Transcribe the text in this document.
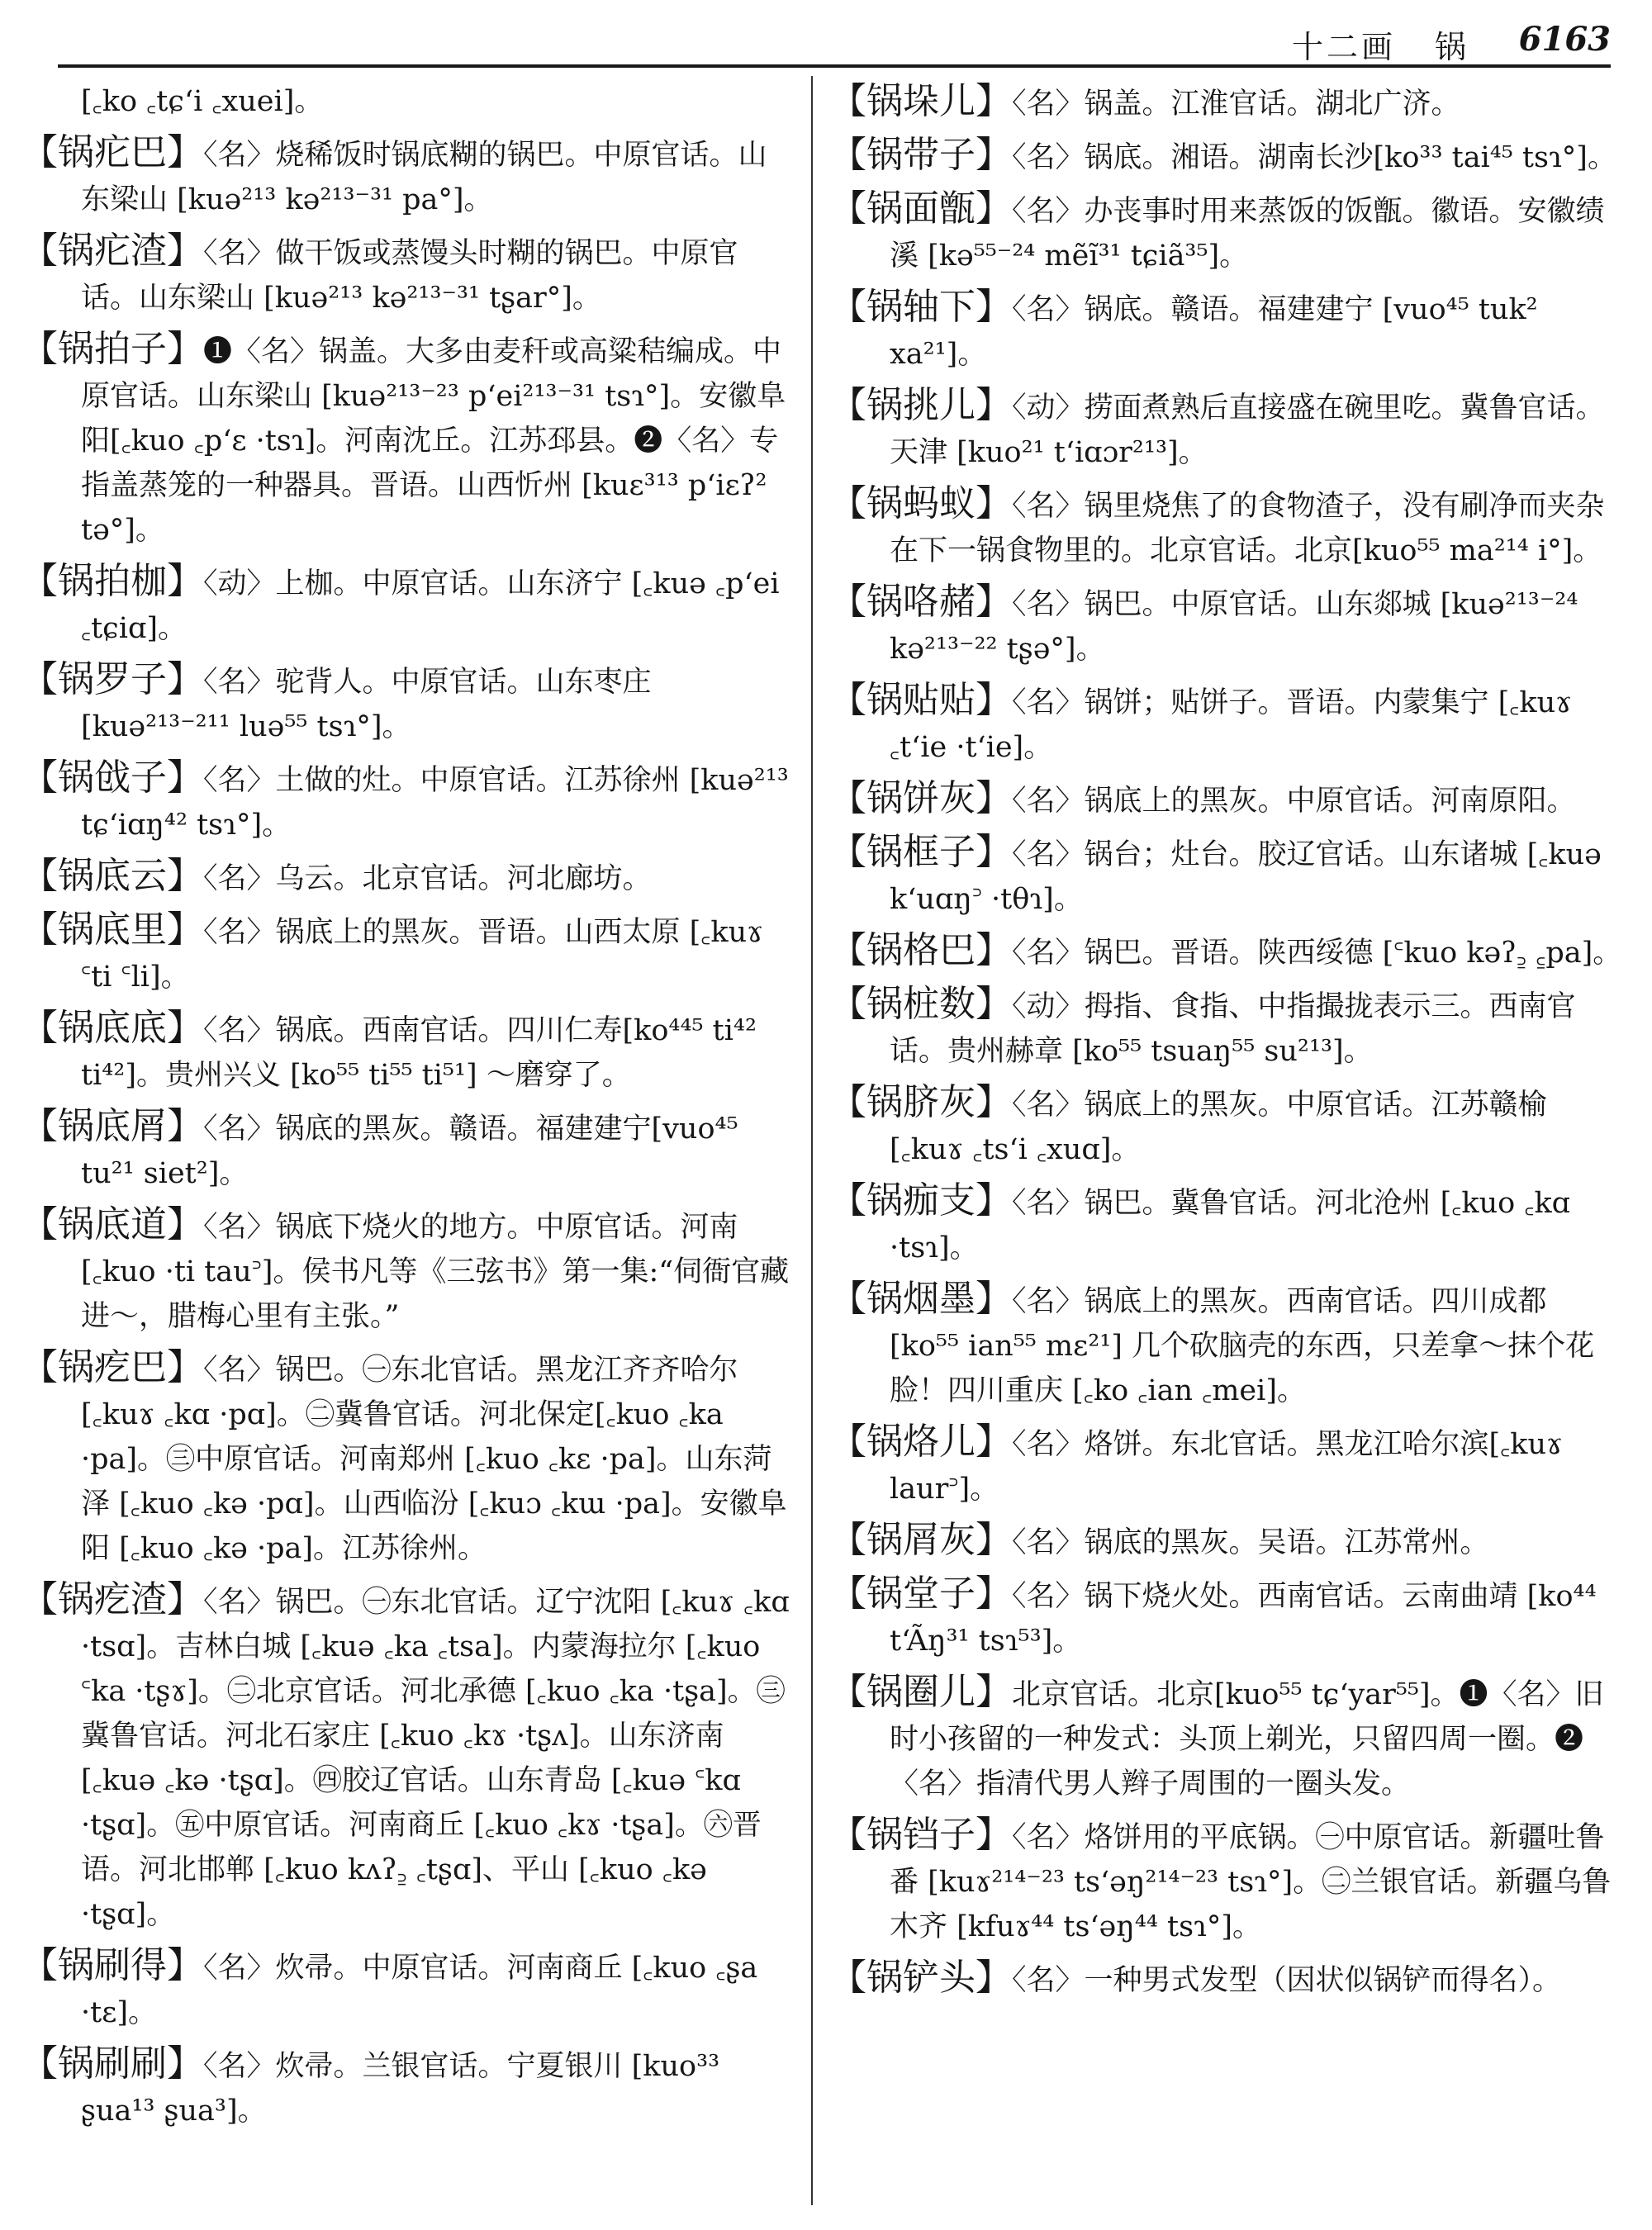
十二画 锅 6163

[꜀ko ꜀tɕʻi ꜀xuei]。

【锅疕巴】〈名〉烧稀饭时锅底糊的锅巴。中原官话。山东梁山 [kuə²¹³ kə²¹³⁻³¹ pa°]。

【锅疕渣】〈名〉做干饭或蒸馒头时糊的锅巴。中原官话。山东梁山 [kuə²¹³ kə²¹³⁻³¹ tʂar°]。

【锅拍子】❶〈名〉锅盖。大多由麦秆或高粱秸编成。中原官话。山东梁山 [kuə²¹³⁻²³ pʻei²¹³⁻³¹ tsɿ°]。安徽阜阳[꜀kuo ꜀pʻɛ ·tsɿ]。河南沈丘。江苏邳县。❷〈名〉专指盖蒸笼的一种器具。晋语。山西忻州 [kuɛ³¹³ pʻiɛʔ² tə°]。

【锅拍枷】〈动〉上枷。中原官话。山东济宁 [꜀kuə ꜀pʻei ꜀tɕiɑ]。

【锅罗子】〈名〉驼背人。中原官话。山东枣庄 [kuə²¹³⁻²¹¹ luə⁵⁵ tsɿ°]。

【锅戗子】〈名〉土做的灶。中原官话。江苏徐州 [kuə²¹³ tɕʻiɑŋ⁴² tsɿ°]。

【锅底云】〈名〉乌云。北京官话。河北廊坊。

【锅底里】〈名〉锅底上的黑灰。晋语。山西太原 [꜀kuɤ ꜂ti ꜂li]。

【锅底底】〈名〉锅底。西南官话。四川仁寿[ko⁴⁴⁵ ti⁴² ti⁴²]。贵州兴义 [ko⁵⁵ ti⁵⁵ ti⁵¹] ～磨穿了。

【锅底屑】〈名〉锅底的黑灰。赣语。福建建宁[vuo⁴⁵ tu²¹ siet²]。

【锅底道】〈名〉锅底下烧火的地方。中原官话。河南 [꜀kuo ·ti tau꜄]。侯书凡等《三弦书》第一集:“伺衙官藏进～，腊梅心里有主张。”

【锅疙巴】〈名〉锅巴。㊀东北官话。黑龙江齐齐哈尔 [꜀kuɤ ꜀kɑ ·pɑ]。㊁冀鲁官话。河北保定[꜀kuo ꜀ka ·pa]。㊂中原官话。河南郑州 [꜀kuo ꜀kɛ ·pa]。山东菏泽 [꜀kuo ꜀kə ·pɑ]。山西临汾 [꜀kuɔ ꜀kɯ ·pa]。安徽阜阳 [꜀kuo ꜀kə ·pa]。江苏徐州。

【锅疙渣】〈名〉锅巴。㊀东北官话。辽宁沈阳 [꜀kuɤ ꜀kɑ ·tsɑ]。吉林白城 [꜀kuə ꜀ka ꜀tsa]。内蒙海拉尔 [꜀kuo ꜂ka ·tʂɤ]。㊁北京官话。河北承德 [꜀kuo ꜀ka ·tʂa]。㊂冀鲁官话。河北石家庄 [꜀kuo ꜀kɤ ·tʂʌ]。山东济南 [꜀kuə ꜀kə ·tʂɑ]。㊃胶辽官话。山东青岛 [꜀kuə ꜂kɑ ·tʂɑ]。㊄中原官话。河南商丘 [꜀kuo ꜀kɤ ·tʂa]。㊅晋语。河北邯郸 [꜀kuo kʌʔ꜇ ꜀tʂɑ]、平山 [꜀kuo ꜀kə ·tʂɑ]。

【锅刷得】〈名〉炊帚。中原官话。河南商丘 [꜀kuo ꜀ʂa ·tɛ]。

【锅刷刷】〈名〉炊帚。兰银官话。宁夏银川 [kuo³³ ʂua¹³ ʂua³]。

【锅垛儿】〈名〉锅盖。江淮官话。湖北广济。

【锅带子】〈名〉锅底。湘语。湖南长沙[ko³³ tai⁴⁵ tsɿ°]。

【锅面甑】〈名〉办丧事时用来蒸饭的饭甑。徽语。安徽绩溪 [kə⁵⁵⁻²⁴ mẽĩ³¹ tɕiã³⁵]。

【锅轴下】〈名〉锅底。赣语。福建建宁 [vuo⁴⁵ tuk² xa²¹]。

【锅挑儿】〈动〉捞面煮熟后直接盛在碗里吃。冀鲁官话。天津 [kuo²¹ tʻiɑɔr²¹³]。

【锅蚂蚁】〈名〉锅里烧焦了的食物渣子，没有刷净而夹杂在下一锅食物里的。北京官话。北京[kuo⁵⁵ ma²¹⁴ i°]。

【锅咯赭】〈名〉锅巴。中原官话。山东郯城 [kuə²¹³⁻²⁴ kə²¹³⁻²² tʂə°]。

【锅贴贴】〈名〉锅饼；贴饼子。晋语。内蒙集宁 [꜀kuɤ ꜀tʻie ·tʻie]。

【锅饼灰】〈名〉锅底上的黑灰。中原官话。河南原阳。

【锅框子】〈名〉锅台；灶台。胶辽官话。山东诸城 [꜀kuə kʻuɑŋ꜄ ·tθɿ]。

【锅格巴】〈名〉锅巴。晋语。陕西绥德 [꜂kuo kəʔ꜇ ꜁pa]。

【锅桩数】〈动〉拇指、食指、中指撮拢表示三。西南官话。贵州赫章 [ko⁵⁵ tsuaŋ⁵⁵ su²¹³]。

【锅脐灰】〈名〉锅底上的黑灰。中原官话。江苏赣榆 [꜀kuɤ ꜀tsʻi ꜀xuɑ]。

【锅痂支】〈名〉锅巴。冀鲁官话。河北沧州 [꜀kuo ꜀kɑ ·tsɿ]。

【锅烟墨】〈名〉锅底上的黑灰。西南官话。四川成都 [ko⁵⁵ ian⁵⁵ mɛ²¹] 几个砍脑壳的东西，只差拿～抹个花脸！四川重庆 [꜀ko ꜀ian ꜀mei]。

【锅烙儿】〈名〉烙饼。东北官话。黑龙江哈尔滨[꜀kuɤ laur꜄]。

【锅屑灰】〈名〉锅底的黑灰。吴语。江苏常州。

【锅堂子】〈名〉锅下烧火处。西南官话。云南曲靖 [ko⁴⁴ tʻÃŋ³¹ tsɿ⁵³]。

【锅圈儿】北京官话。北京[kuo⁵⁵ tɕʻyar⁵⁵]。❶〈名〉旧时小孩留的一种发式：头顶上剃光，只留四周一圈。❷〈名〉指清代男人辫子周围的一圈头发。

【锅铛子】〈名〉烙饼用的平底锅。㊀中原官话。新疆吐鲁番 [kuɤ²¹⁴⁻²³ tsʻəŋ²¹⁴⁻²³ tsɿ°]。㊁兰银官话。新疆乌鲁木齐 [kfuɤ⁴⁴ tsʻəŋ⁴⁴ tsɿ°]。

【锅铲头】〈名〉一种男式发型（因状似锅铲而得名）。
